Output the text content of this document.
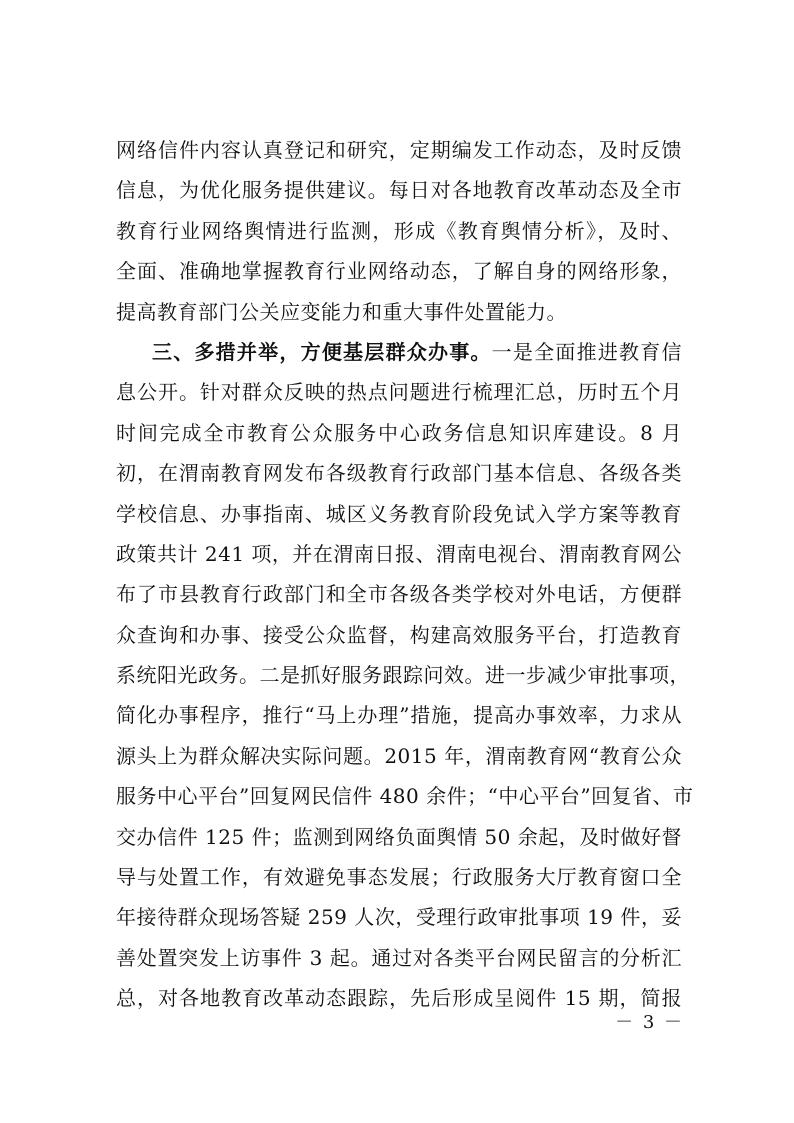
网络信件内容认真登记和研究，定期编发工作动态，及时反馈
信息，为优化服务提供建议。每日对各地教育改革动态及全市
教育行业网络舆情进行监测，形成《教育舆情分析》，及时、
全面、准确地掌握教育行业网络动态，了解自身的网络形象，
提高教育部门公关应变能力和重大事件处置能力。
三、多措并举，方便基层群众办事。一是全面推进教育信
息公开。针对群众反映的热点问题进行梳理汇总，历时五个月
时间完成全市教育公众服务中心政务信息知识库建设。8 月
初，在渭南教育网发布各级教育行政部门基本信息、各级各类
学校信息、办事指南、城区义务教育阶段免试入学方案等教育
政策共计 241 项，并在渭南日报、渭南电视台、渭南教育网公
布了市县教育行政部门和全市各级各类学校对外电话，方便群
众查询和办事、接受公众监督，构建高效服务平台，打造教育
系统阳光政务。二是抓好服务跟踪问效。进一步减少审批事项，
简化办事程序，推行“马上办理”措施，提高办事效率，力求从
源头上为群众解决实际问题。2015 年，渭南教育网“教育公众
服务中心平台”回复网民信件 480 余件；“中心平台”回复省、市
交办信件 125 件；监测到网络负面舆情 50 余起，及时做好督
导与处置工作，有效避免事态发展；行政服务大厅教育窗口全
年接待群众现场答疑 259 人次，受理行政审批事项 19 件，妥
善处置突发上访事件 3 起。通过对各类平台网民留言的分析汇
总，对各地教育改革动态跟踪，先后形成呈阅件 15 期，简报
－ 3 －
